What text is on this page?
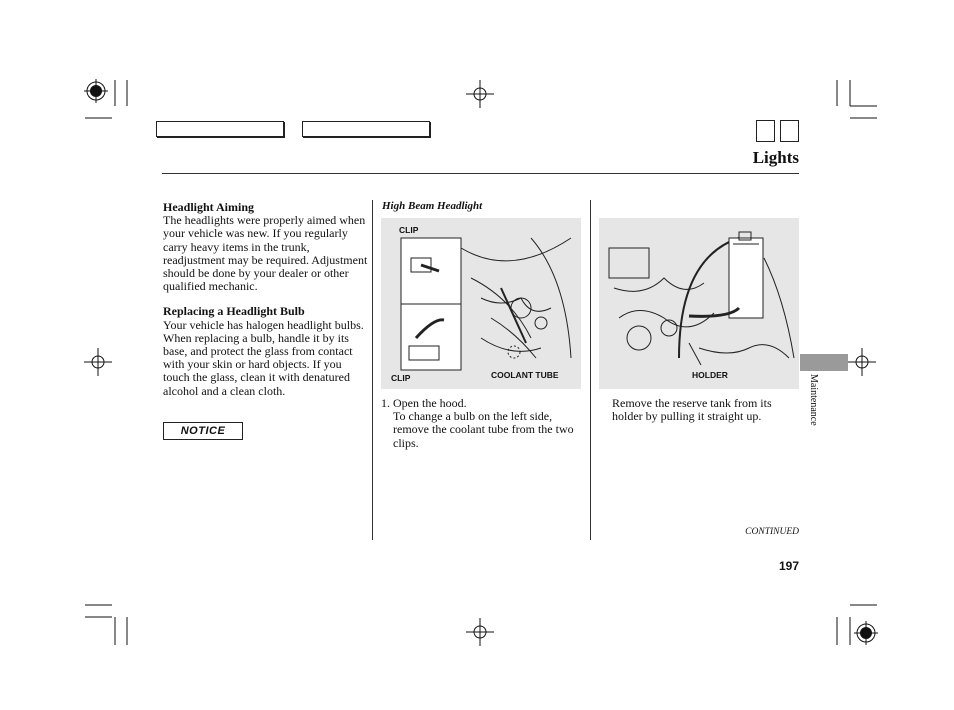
Lights

Headlight Aiming

The headlights were properly aimed when your vehicle was new. If you regularly carry heavy items in the trunk, readjustment may be required. Adjustment should be done by your dealer or other qualified mechanic.

Replacing a Headlight Bulb

Your vehicle has halogen headlight bulbs. When replacing a bulb, handle it by its base, and protect the glass from contact with your skin or hard objects. If you touch the glass, clean it with denatured alcohol and a clean cloth.

NOTICE
High Beam Headlight
CLIP
CLIP	COOLANT TUBE

1. Open the hood.

To change a bulb on the left side, remove the coolant tube from the two clips.

HOLDER
Remove the reserve tank from its holder by pulling it straight up.	Maintenance
CONTINUED
197
